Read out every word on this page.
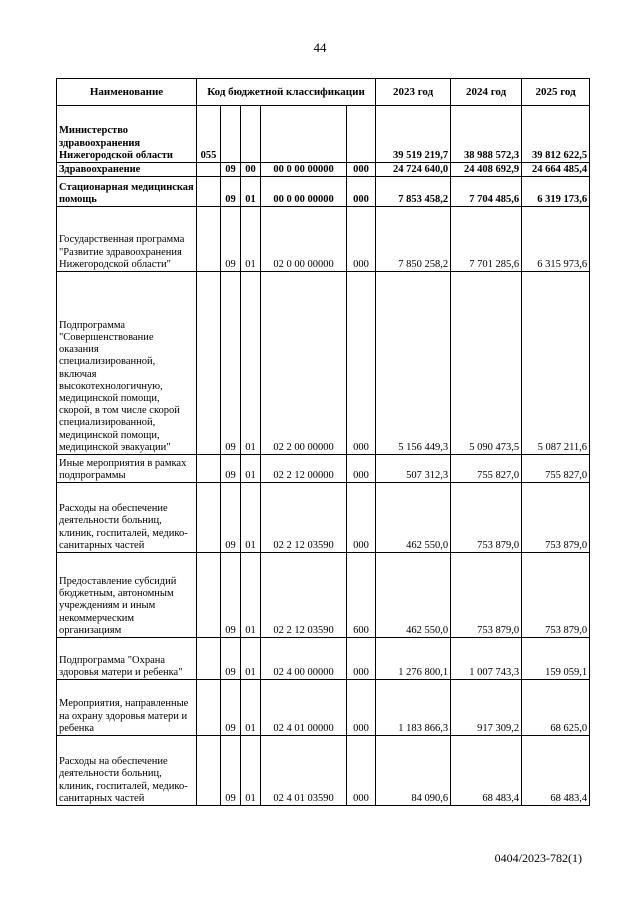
44
Наименование	Код бюджетной классификации					2023 год	2024 год	2025 год
Министерство здравоохранения Нижегородской области	055					39 519 219,7	38 988 572,3	39 812 622,5
Здравоохранение		09	00	00 0 00 00000	000	24 724 640,0	24 408 692,9	24 664 485,4
Стационарная медицинская помощь		09	01	00 0 00 00000	000	7 853 458,2	7 704 485,6	6 319 173,6
Государственная программа "Развитие здравоохранения Нижегородской области"		09	01	02 0 00 00000	000	7 850 258,2	7 701 285,6	6 315 973,6
Подпрограмма "Совершенствование оказания специализированной, включая высокотехнологичную, медицинской помощи, скорой, в том числе скорой специализированной, медицинской помощи, медицинской эвакуации"		09	01	02 2 00 00000	000	5 156 449,3	5 090 473,5	5 087 211,6
Иные мероприятия в рамках подпрограммы		09	01	02 2 12 00000	000	507 312,3	755 827,0	755 827,0
Расходы на обеспечение деятельности больниц, клиник, госпиталей, медико-санитарных частей		09	01	02 2 12 03590	000	462 550,0	753 879,0	753 879,0
Предоставление субсидий бюджетным, автономным учреждениям и иным некоммерческим организациям		09	01	02 2 12 03590	600	462 550,0	753 879,0	753 879,0
Подпрограмма "Охрана здоровья матери и ребенка"		09	01	02 4 00 00000	000	1 276 800,1	1 007 743,3	159 059,1
Мероприятия, направленные на охрану здоровья матери и ребенка		09	01	02 4 01 00000	000	1 183 866,3	917 309,2	68 625,0
Расходы на обеспечение деятельности больниц, клиник, госпиталей, медико-санитарных частей		09	01	02 4 01 03590	000	84 090,6	68 483,4	68 483,4
0404/2023-782(1)
